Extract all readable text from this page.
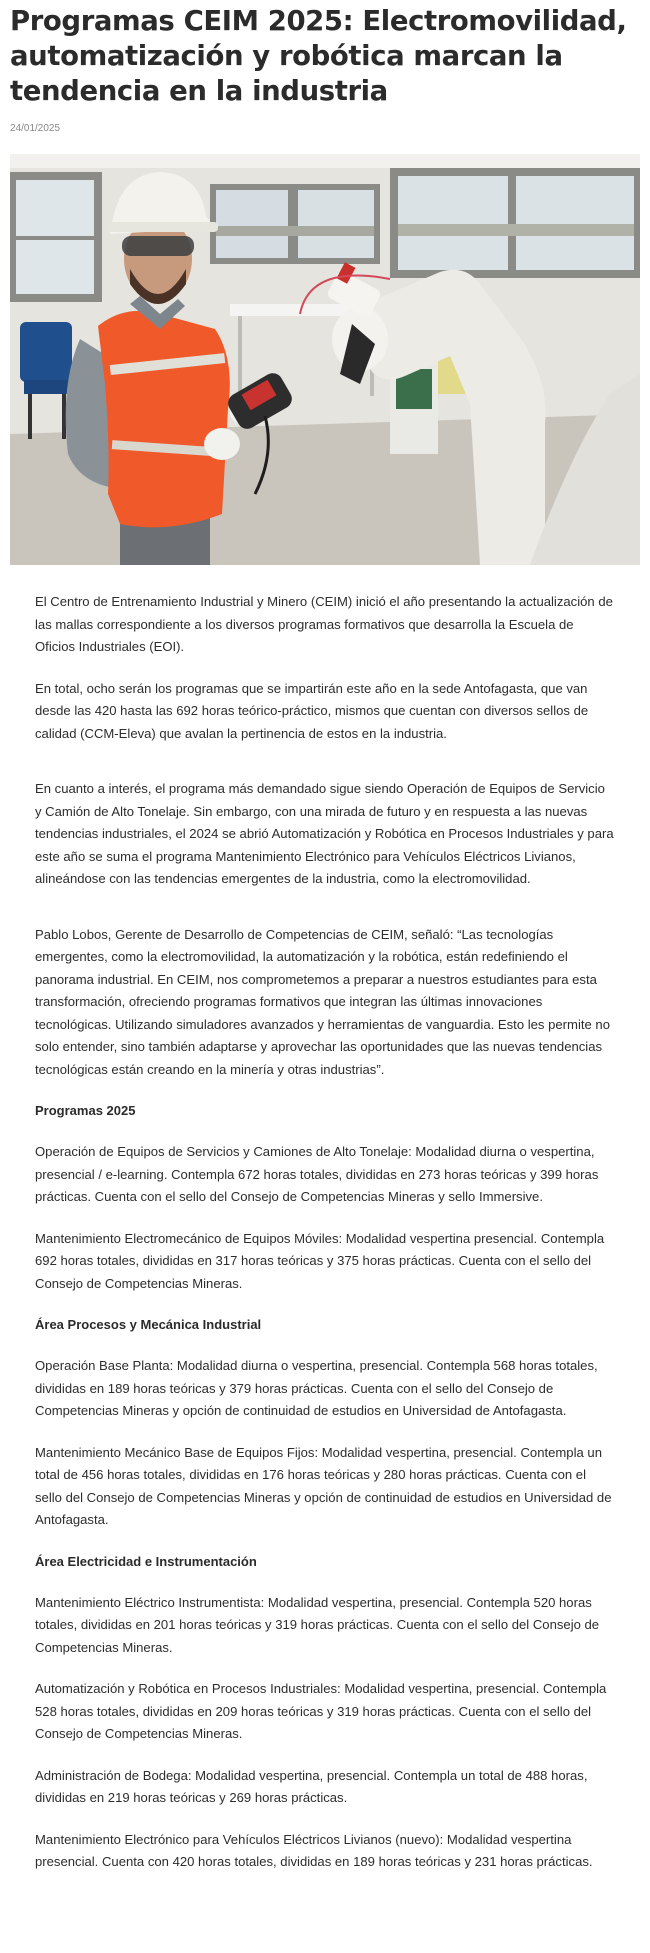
Programas CEIM 2025: Electromovilidad, automatización y robótica marcan la tendencia en la industria
24/01/2025

El Centro de Entrenamiento Industrial y Minero (CEIM) inició el año presentando la actualización de las mallas correspondiente a los diversos programas formativos que desarrolla la Escuela de Oficios Industriales (EOI).

En total, ocho serán los programas que se impartirán este año en la sede Antofagasta, que van desde las 420 hasta las 692 horas teórico-práctico, mismos que cuentan con diversos sellos de calidad (CCM-Eleva) que avalan la pertinencia de estos en la industria.

En cuanto a interés, el programa más demandado sigue siendo Operación de Equipos de Servicio y Camión de Alto Tonelaje. Sin embargo, con una mirada de futuro y en respuesta a las nuevas tendencias industriales, el 2024 se abrió Automatización y Robótica en Procesos Industriales y para este año se suma el programa Mantenimiento Electrónico para Vehículos Eléctricos Livianos, alineándose con las tendencias emergentes de la industria, como la electromovilidad.

Pablo Lobos, Gerente de Desarrollo de Competencias de CEIM, señaló: “Las tecnologías emergentes, como la electromovilidad, la automatización y la robótica, están redefiniendo el panorama industrial. En CEIM, nos comprometemos a preparar a nuestros estudiantes para esta transformación, ofreciendo programas formativos que integran las últimas innovaciones tecnológicas. Utilizando simuladores avanzados y herramientas de vanguardia. Esto les permite no solo entender, sino también adaptarse y aprovechar las oportunidades que las nuevas tendencias tecnológicas están creando en la minería y otras industrias”.

Programas 2025

Operación de Equipos de Servicios y Camiones de Alto Tonelaje: Modalidad diurna o vespertina, presencial / e-learning. Contempla 672 horas totales, divididas en 273 horas teóricas y 399 horas prácticas. Cuenta con el sello del Consejo de Competencias Mineras y sello Immersive.

Mantenimiento Electromecánico de Equipos Móviles: Modalidad vespertina presencial. Contempla 692 horas totales, divididas en 317 horas teóricas y 375 horas prácticas. Cuenta con el sello del Consejo de Competencias Mineras.

Área Procesos y Mecánica Industrial

Operación Base Planta: Modalidad diurna o vespertina, presencial. Contempla 568 horas totales, divididas en 189 horas teóricas y 379 horas prácticas. Cuenta con el sello del Consejo de Competencias Mineras y opción de continuidad de estudios en Universidad de Antofagasta.

Mantenimiento Mecánico Base de Equipos Fijos: Modalidad vespertina, presencial. Contempla un total de 456 horas totales, divididas en 176 horas teóricas y 280 horas prácticas. Cuenta con el sello del Consejo de Competencias Mineras y opción de continuidad de estudios en Universidad de Antofagasta.

Área Electricidad e Instrumentación

Mantenimiento Eléctrico Instrumentista: Modalidad vespertina, presencial. Contempla 520 horas totales, divididas en 201 horas teóricas y 319 horas prácticas. Cuenta con el sello del Consejo de Competencias Mineras.

Automatización y Robótica en Procesos Industriales: Modalidad vespertina, presencial. Contempla 528 horas totales, divididas en 209 horas teóricas y 319 horas prácticas. Cuenta con el sello del Consejo de Competencias Mineras.

Administración de Bodega: Modalidad vespertina, presencial. Contempla un total de 488 horas, divididas en 219 horas teóricas y 269 horas prácticas.

Mantenimiento Electrónico para Vehículos Eléctricos Livianos (nuevo): Modalidad vespertina presencial. Cuenta con 420 horas totales, divididas en 189 horas teóricas y 231 horas prácticas.
